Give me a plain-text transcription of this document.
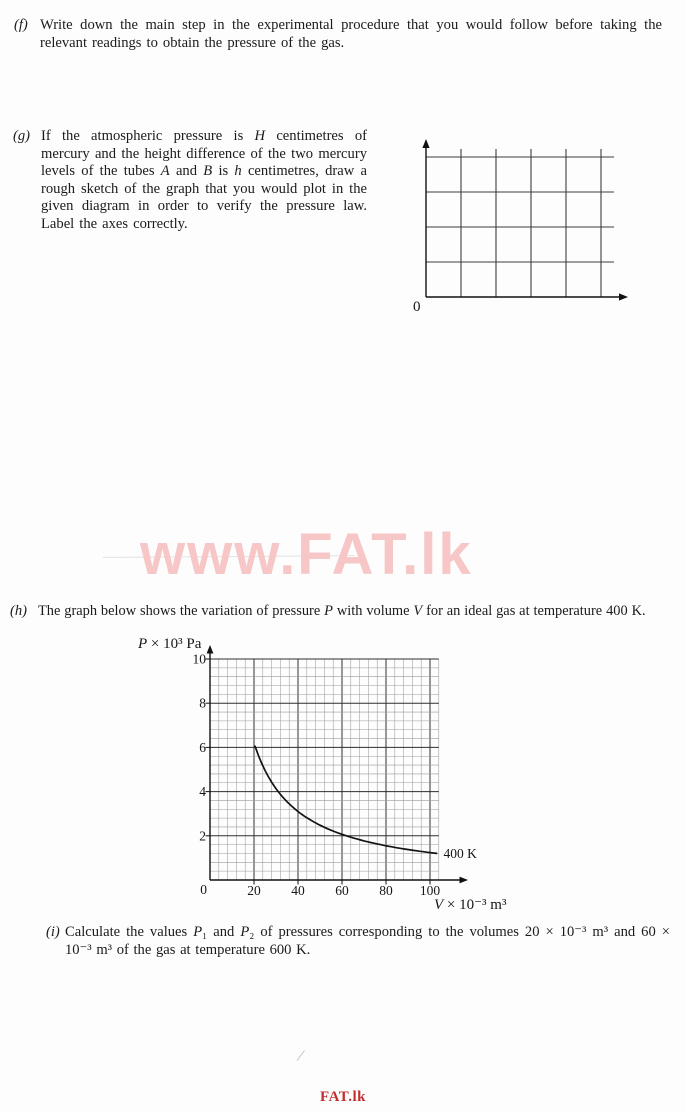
(f) Write down the main step in the experimental procedure that you would follow before taking the relevant readings to obtain the pressure of the gas.

(g) If the atmospheric pressure is H centimetres of mercury and the height difference of the two mercury levels of the tubes A and B is h centimetres, draw a rough sketch of the graph that you would plot in the given diagram in order to verify the pressure law. Label the axes correctly.

0
www.FAT.lk
(h) The graph below shows the variation of pressure P with volume V for an ideal gas at temperature 400 K.

10
8
6
4
2
20 40 60 80 100
0
P × 10³ Pa
V × 10⁻³ m³
400 K
(i) Calculate the values P₁ and P₂ of pressures corresponding to the volumes 20 × 10⁻³ m³ and 60 × 10⁻³ m³ of the gas at temperature 600 K.

/
FAT.lk
